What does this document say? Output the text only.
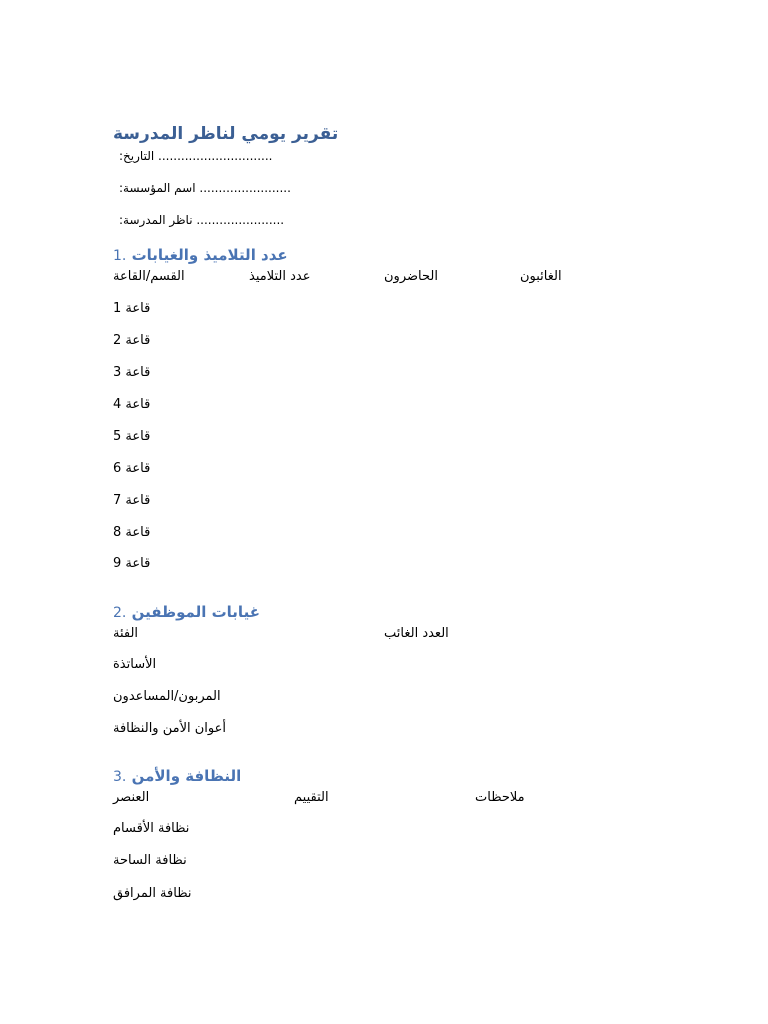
تقرير يومي لناظر المدرسة
:التاريخ ..............................
:اسم المؤسسة ........................
:ناظر المدرسة .......................
1. عدد التلاميذ والغيابات
القسم/القاعة	عدد التلاميذ	الحاضرون	الغائبون
قاعة 1
قاعة 2
قاعة 3
قاعة 4
قاعة 5
قاعة 6
قاعة 7
قاعة 8
قاعة 9
2. غيابات الموظفين
الفئة	العدد الغائب
الأساتذة
المربون/المساعدون
أعوان الأمن والنظافة
3. النظافة والأمن
العنصر	التقييم	ملاحظات
نظافة الأقسام
نظافة الساحة
نظافة المرافق
